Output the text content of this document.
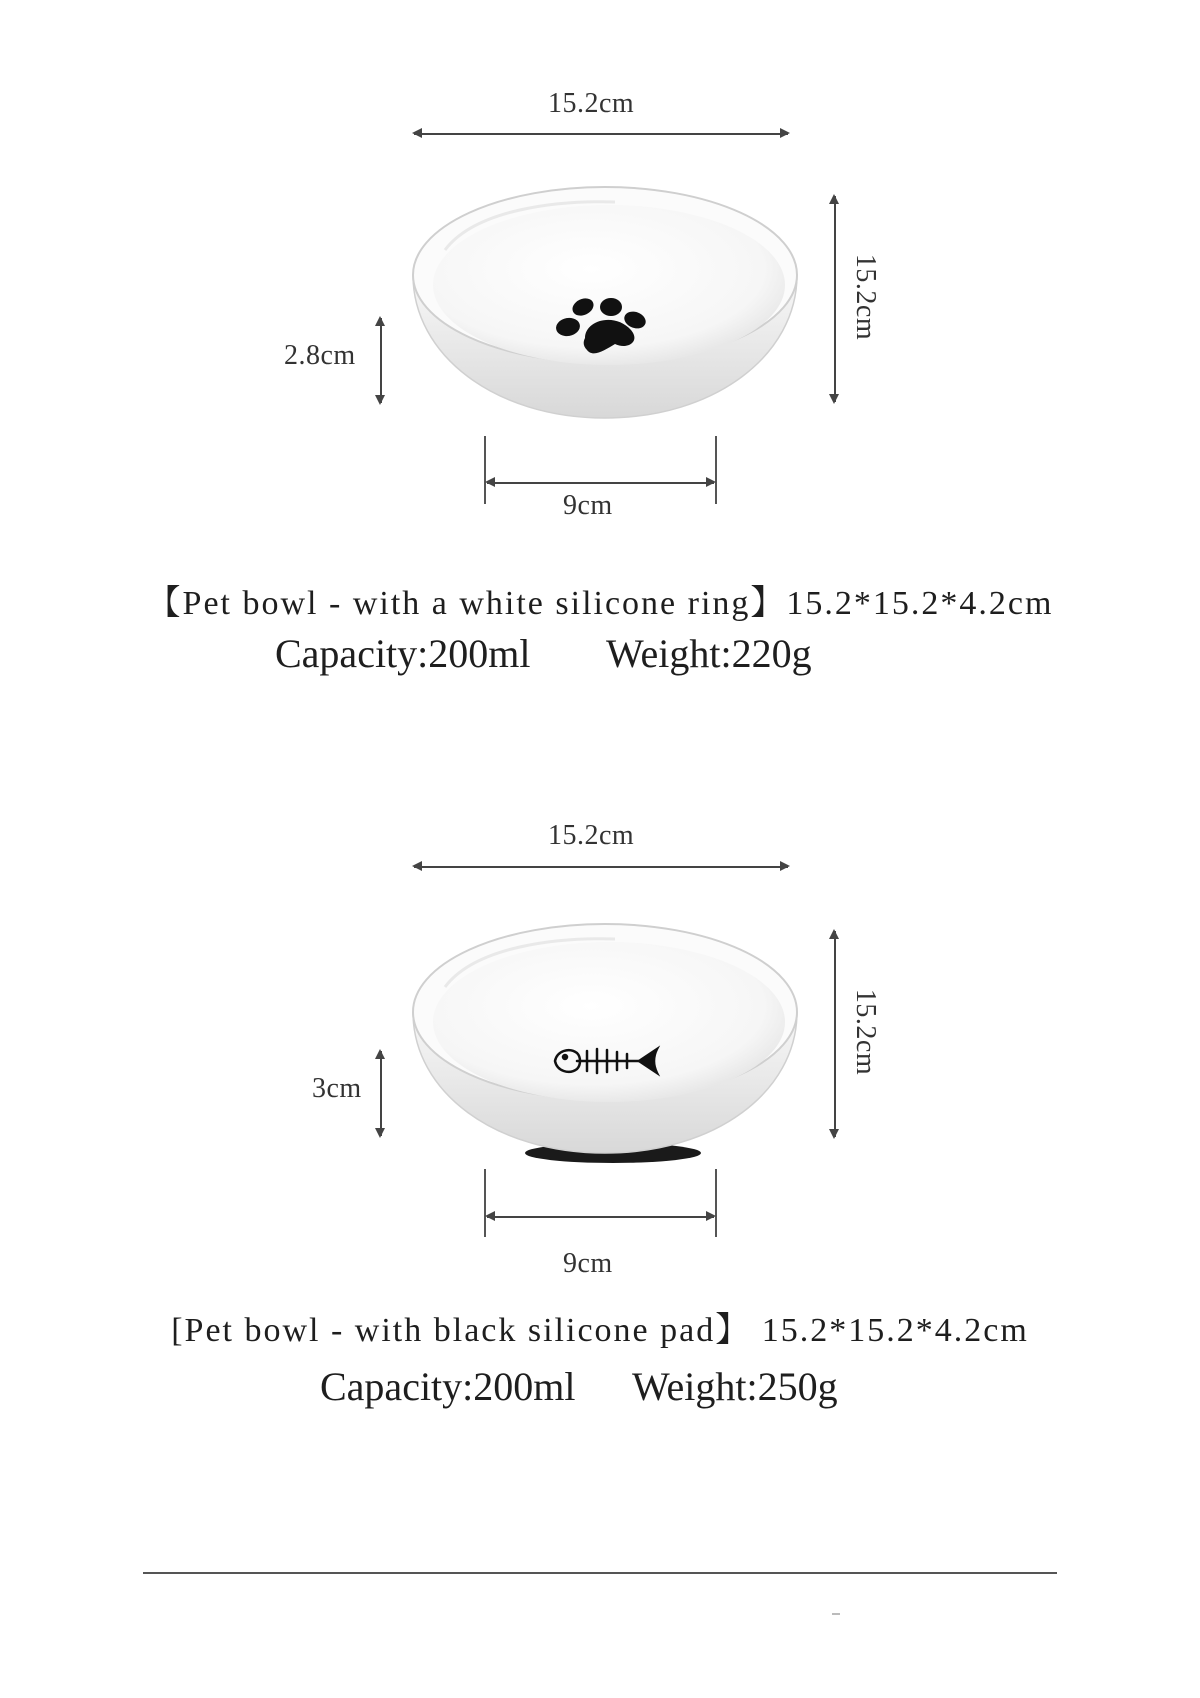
15.2cm
15.2cm
2.8cm
9cm
【Pet bowl - with a white silicone ring】15.2*15.2*4.2cm
Capacity:200ml Weight:220g
15.2cm
15.2cm
3cm
9cm
[Pet bowl - with black silicone pad】 15.2*15.2*4.2cm
Capacity:200ml Weight:250g
